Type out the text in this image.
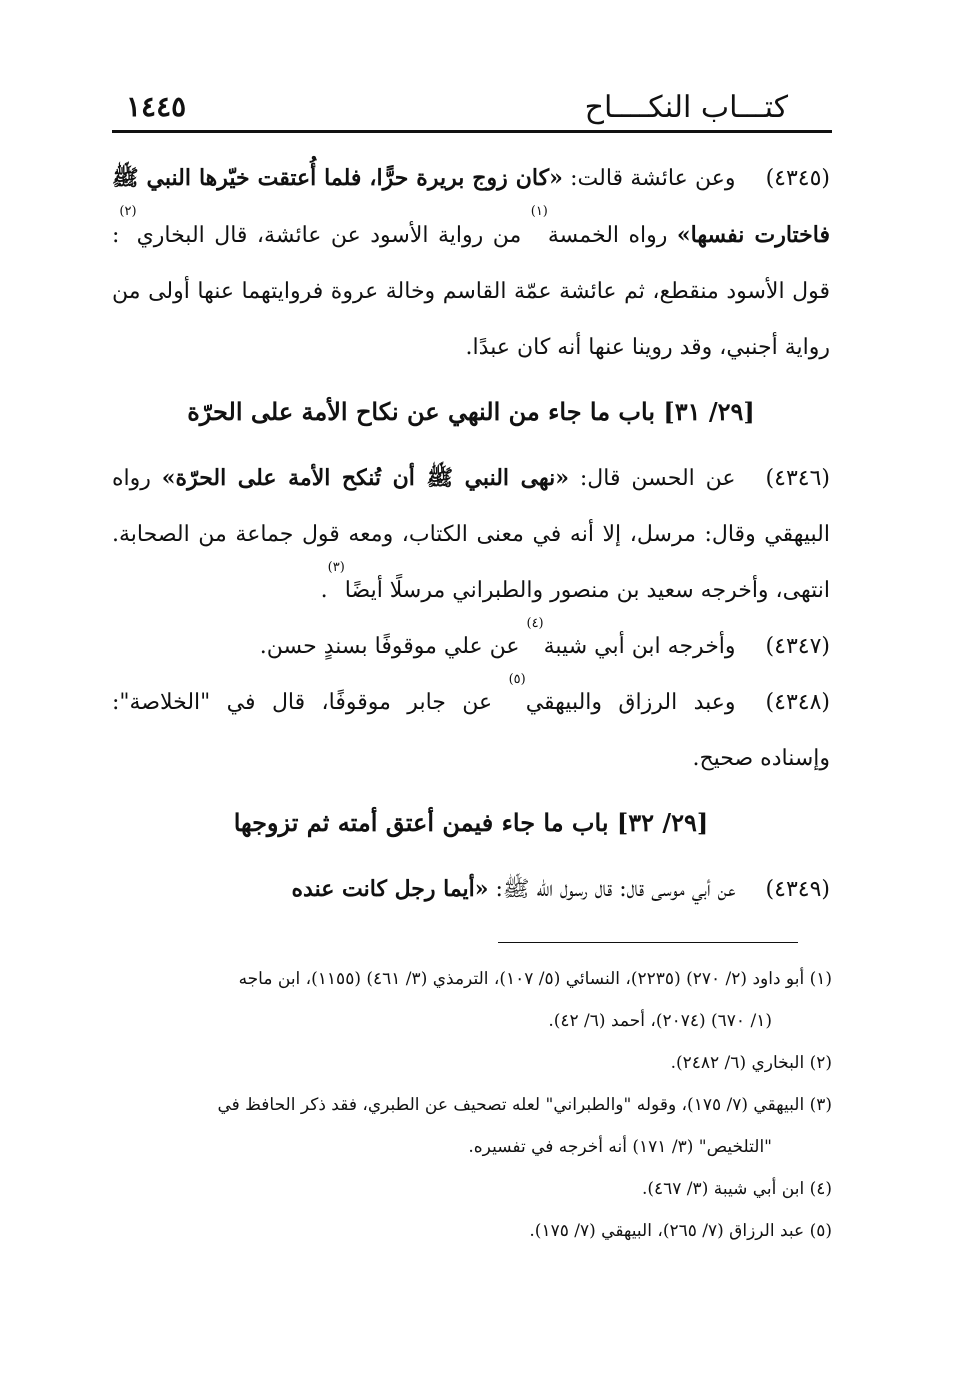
كتـــاب النكــــاح
١٤٤٥

(٤٣٤٥)وعن عائشة قالت: «كان زوج بريرة حرًّا، فلما أُعتقت خيّرها النبي ﷺ فاختارت نفسها» رواه الخمسة$^{(١)}$ من رواية الأسود عن عائشة، قال البخاري$^{(٢)}$: قول الأسود منقطع، ثم عائشة عمّة القاسم وخالة عروة فروايتهما عنها أولى من رواية أجنبي، وقد روينا عنها أنه كان عبدًا.

[٢٩/ ٣١] باب ما جاء من النهي عن نكاح الأمة على الحرّة

(٤٣٤٦)عن الحسن قال: «نهى النبي ﷺ أن تُنكح الأمة على الحرّة» رواه البيهقي وقال: مرسل، إلا أنه في معنى الكتاب، ومعه قول جماعة من الصحابة. انتهى، وأخرجه سعيد بن منصور والطبراني مرسلًا أيضًا$^{(٣)}$.

(٤٣٤٧)وأخرجه ابن أبي شيبة$^{(٤)}$ عن علي موقوفًا بسندٍ حسن.

(٤٣٤٨)وعبد الرزاق والبيهقي$^{(٥)}$ عن جابر موقوفًا، قال في "الخلاصة": وإسناده صحيح.

[٢٩/ ٣٢] باب ما جاء فيمن أعتق أمته ثم تزوجها

(٤٣٤٩)عن أبي موسى قال: قال رسول الله ﷺ: «أيما رجل كانت عنده

(١) أبو داود (٢/ ٢٧٠) (٢٢٣٥)، النسائي (٥/ ١٠٧)، الترمذي (٣/ ٤٦١) (١١٥٥)، ابن ماجه

(١/ ٦٧٠) (٢٠٧٤)، أحمد (٦/ ٤٢).

(٢) البخاري (٦/ ٢٤٨٢).

(٣) البيهقي (٧/ ١٧٥)، وقوله "والطبراني" لعله تصحيف عن الطبري، فقد ذكر الحافظ في

"التلخيص" (٣/ ١٧١) أنه أخرجه في تفسيره.

(٤) ابن أبي شيبة (٣/ ٤٦٧).

(٥) عبد الرزاق (٧/ ٢٦٥)، البيهقي (٧/ ١٧٥).
